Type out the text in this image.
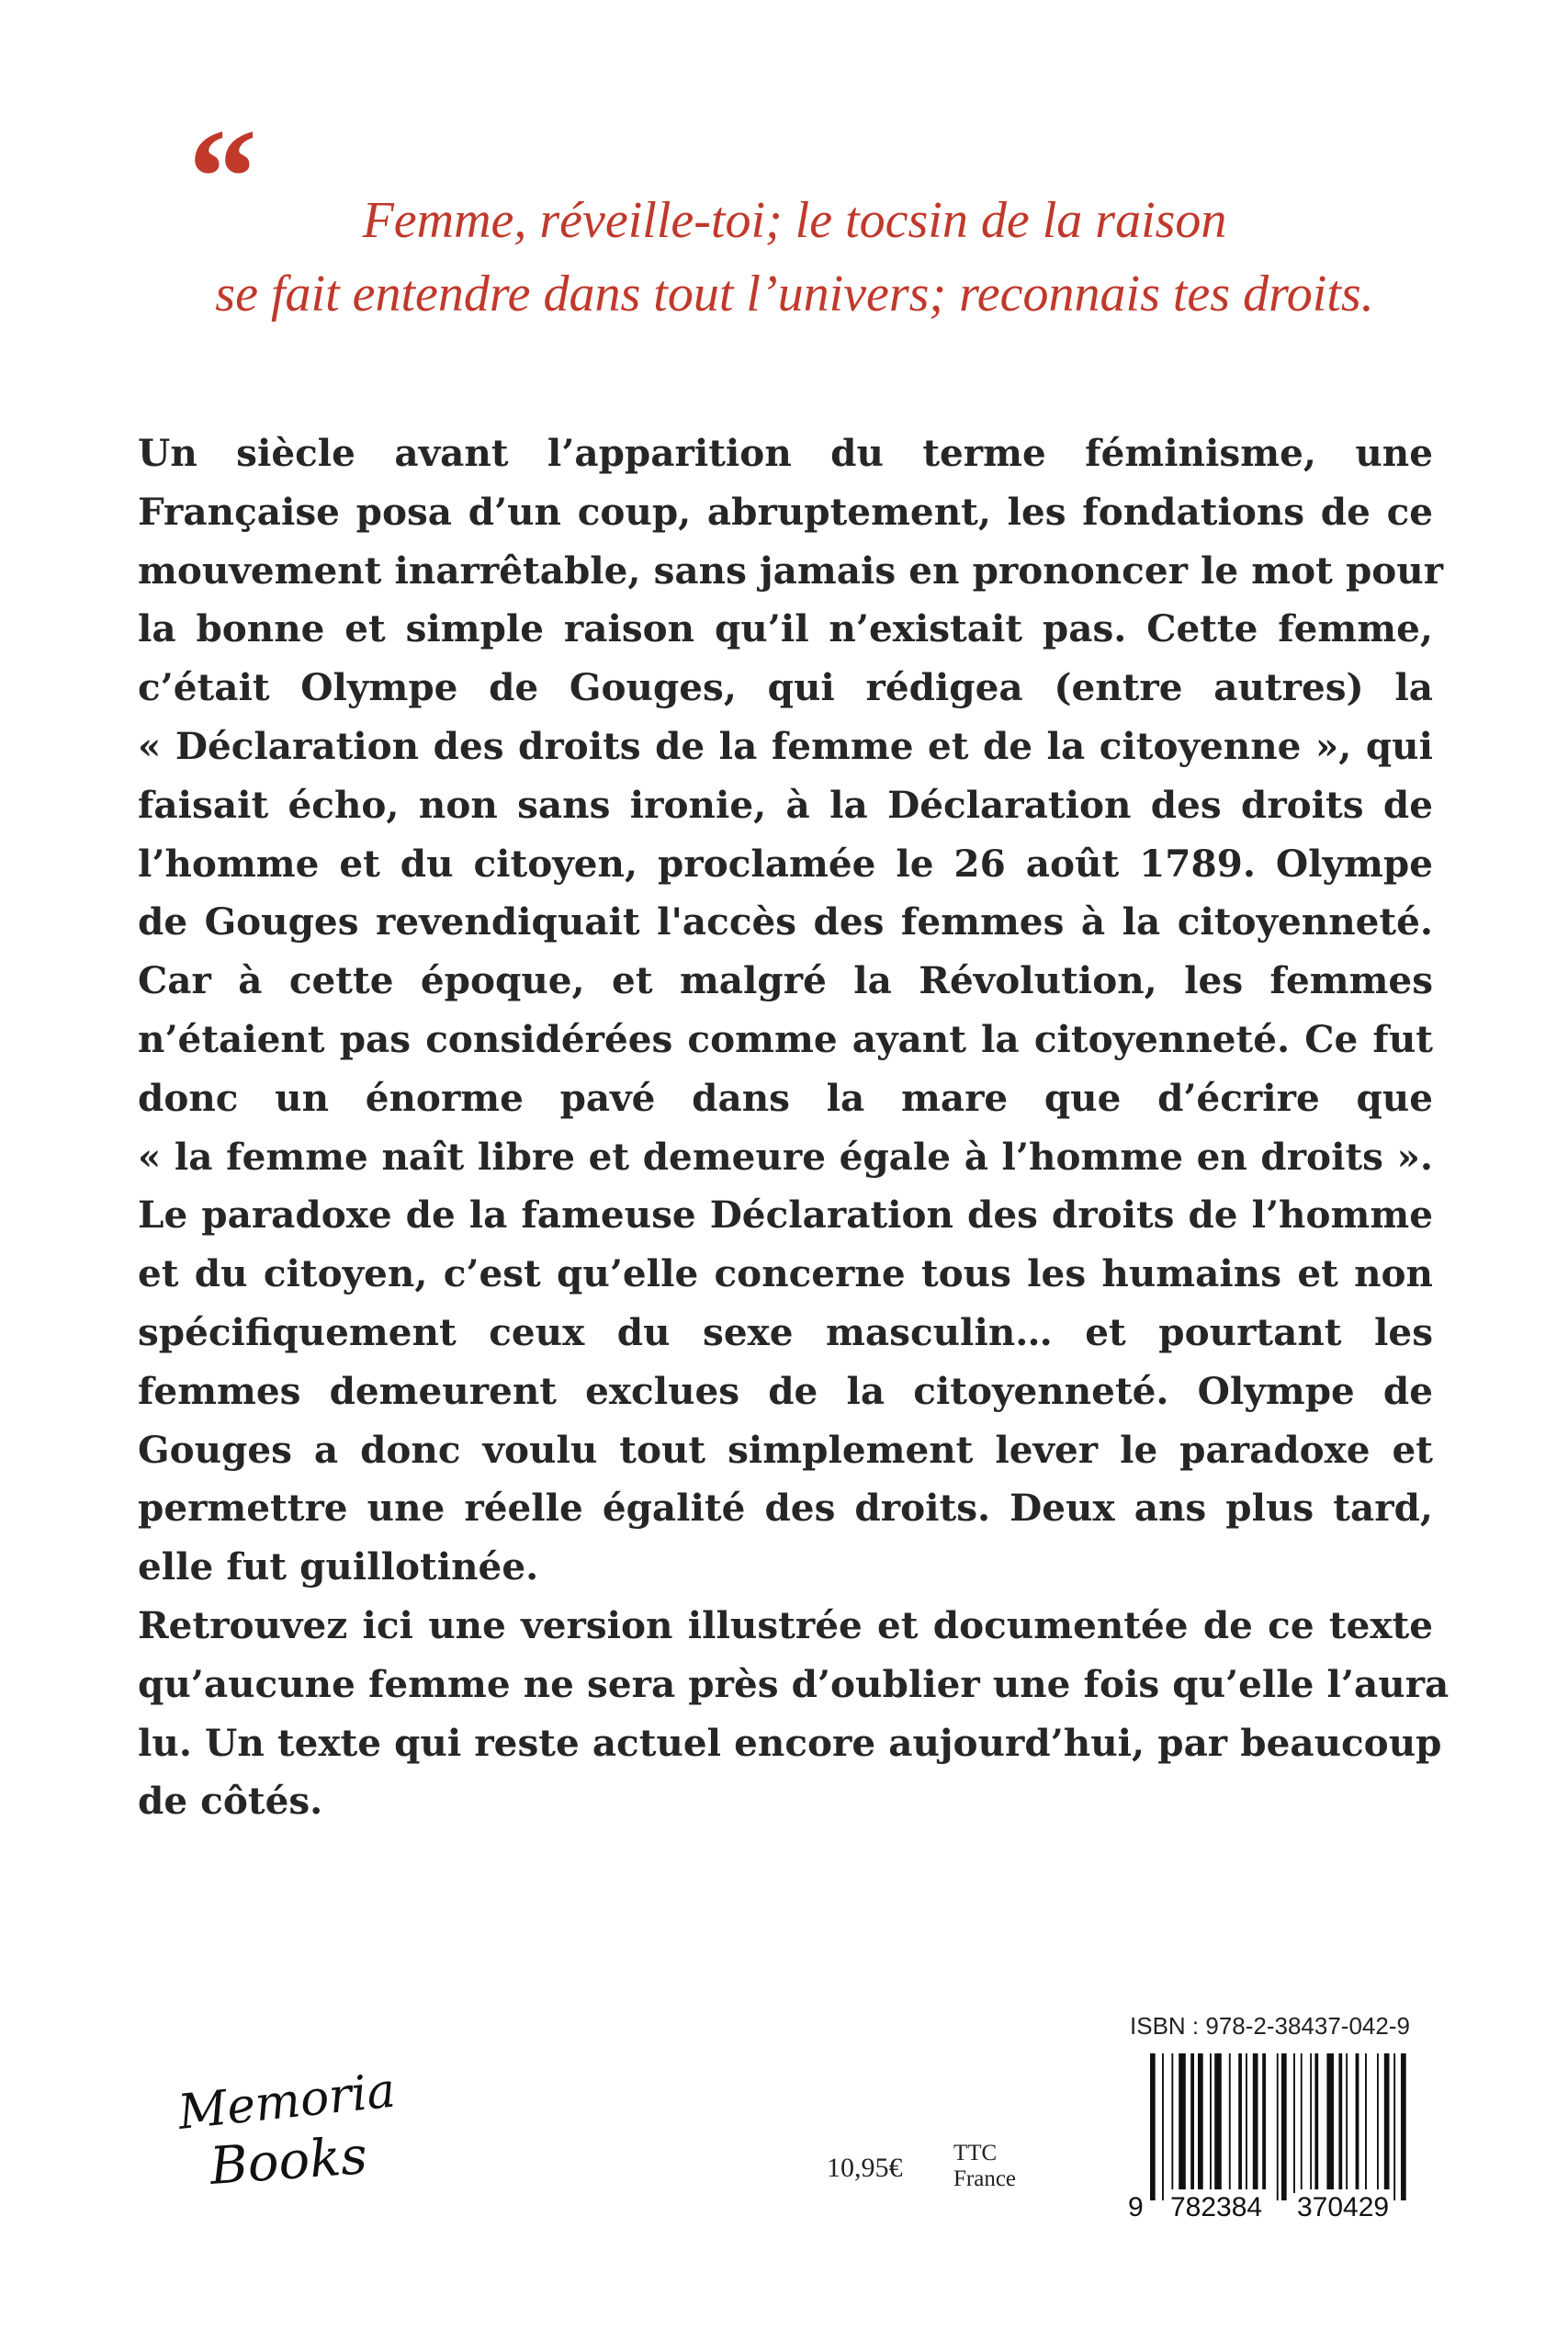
“	Femme, réveille-toi; le tocsin de la raison
se fait entendre dans tout l’univers; reconnais tes droits.

Un siècle avant l’apparition du terme féminisme, une
Française posa d’un coup, abruptement, les fondations de ce
mouvement inarrêtable, sans jamais en prononcer le mot pour
la bonne et simple raison qu’il n’existait pas. Cette femme,
c’était Olympe de Gouges, qui rédigea (entre autres) la
« Déclaration des droits de la femme et de la citoyenne », qui
faisait écho, non sans ironie, à la Déclaration des droits de
l’homme et du citoyen, proclamée le 26 août 1789. Olympe
de Gouges revendiquait l'accès des femmes à la citoyenneté.
Car à cette époque, et malgré la Révolution, les femmes
n’étaient pas considérées comme ayant la citoyenneté. Ce fut
donc un énorme pavé dans la mare que d’écrire que
« la femme naît libre et demeure égale à l’homme en droits ».
Le paradoxe de la fameuse Déclaration des droits de l’homme
et du citoyen, c’est qu’elle concerne tous les humains et non
spécifiquement ceux du sexe masculin… et pourtant les
femmes demeurent exclues de la citoyenneté. Olympe de
Gouges a donc voulu tout simplement lever le paradoxe et
permettre une réelle égalité des droits. Deux ans plus tard,
elle fut guillotinée.
Retrouvez ici une version illustrée et documentée de ce texte
qu’aucune femme ne sera près d’oublier une fois qu’elle l’aura
lu. Un texte qui reste actuel encore aujourd’hui, par beaucoup
de côtés.
Memoria
Books	10,95€ TTC
France
ISBN : 978-2-38437-042-9
9 782384 370429
